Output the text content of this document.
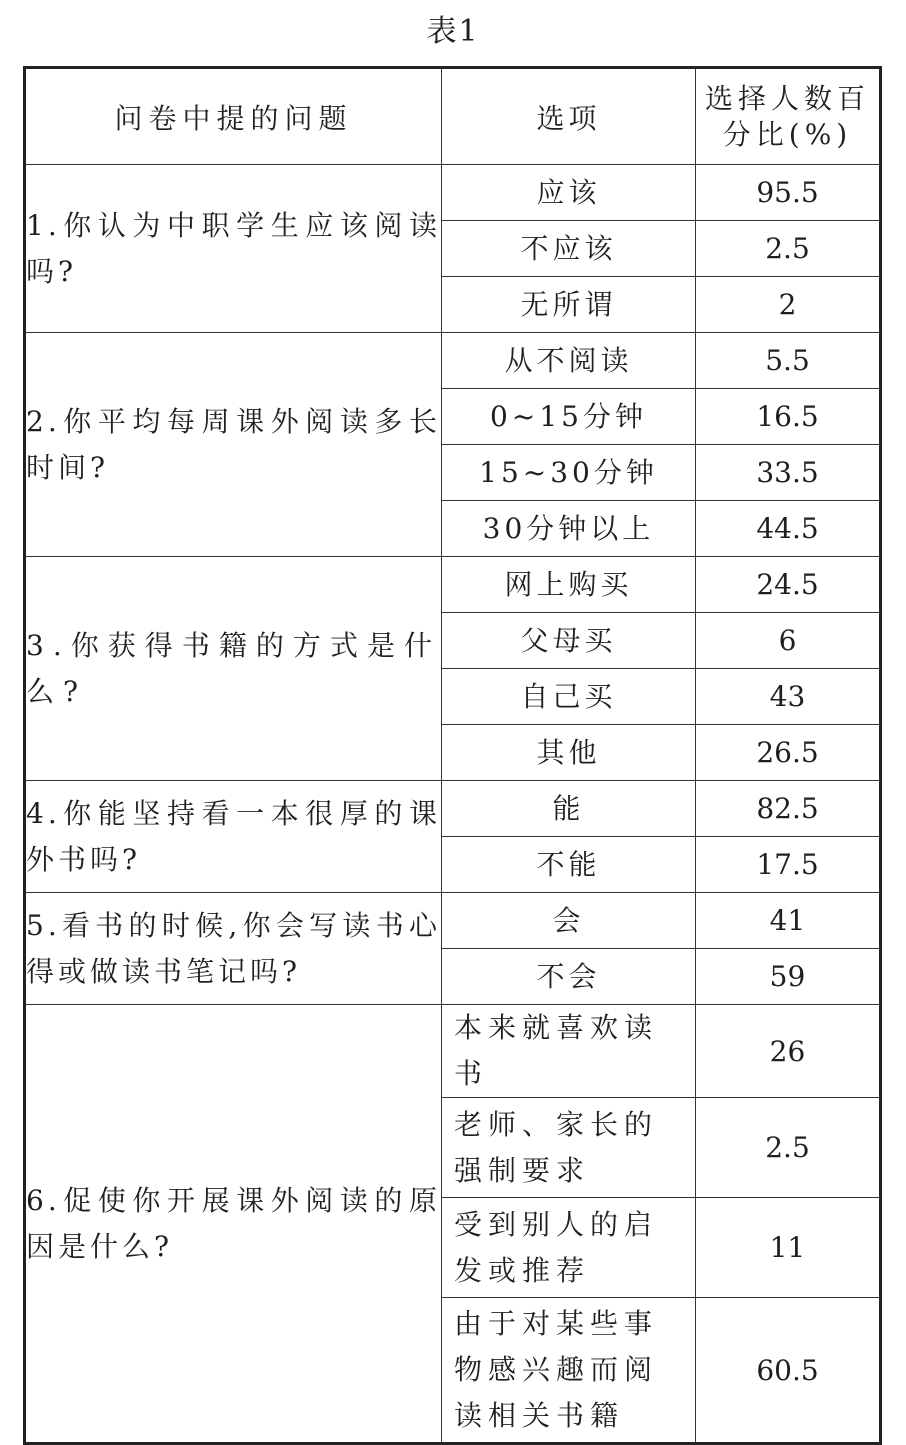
表1
问卷中提的问题	选项	选择人数百分比(%)
1.你认为中职学生应该阅读吗?	应该	95.5
	不应该	2.5
	无所谓	2
2.你平均每周课外阅读多长时间?	从不阅读	5.5
	0~15分钟	16.5
	15~30分钟	33.5
	30分钟以上	44.5
3.你获得书籍的方式是什么?	网上购买	24.5
	父母买	6
	自己买	43
	其他	26.5
4.你能坚持看一本很厚的课外书吗?	能	82.5
	不能	17.5
5.看书的时候,你会写读书心得或做读书笔记吗?	会	41
	不会	59
6.促使你开展课外阅读的原因是什么?	本来就喜欢读书	26
	老师、家长的强制要求	2.5
	受到别人的启发或推荐	11
	由于对某些事物感兴趣而阅读相关书籍	60.5
